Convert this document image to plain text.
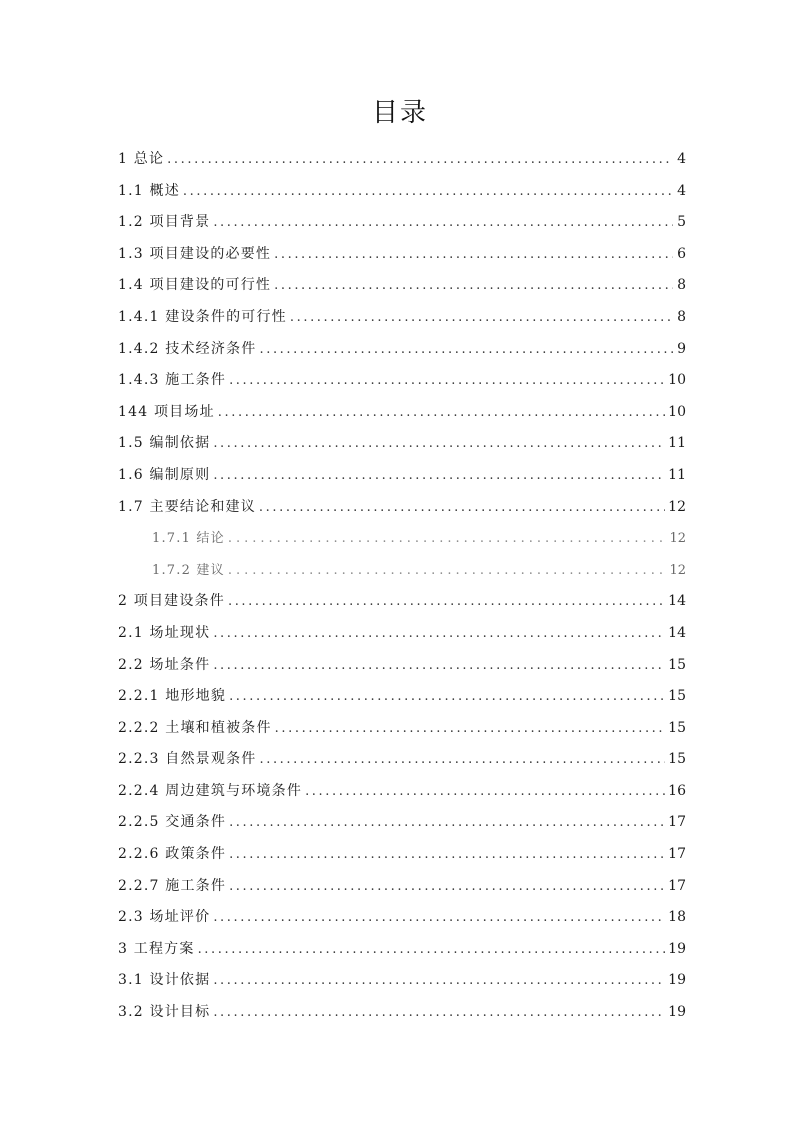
目录
1 总论 .....	4
1.1 概述 .....	4
1.2 项目背景 .....	5
1.3 项目建设的必要性 .....	6
1.4 项目建设的可行性 .....	8
1.4.1 建设条件的可行性 .....	8
1.4.2 技术经济条件 .....	9
1.4.3 施工条件 .....	10
144 项目场址 .....	10
1.5 编制依据 .....	11
1.6 编制原则 .....	11
1.7 主要结论和建议 .....	12
1.7.1 结论 .....	12
1.7.2 建议 .....	12
2 项目建设条件 .....	14
2.1 场址现状 .....	14
2.2 场址条件 .....	15
2.2.1 地形地貌 .....	15
2.2.2 土壤和植被条件 .....	15
2.2.3 自然景观条件 .....	15
2.2.4 周边建筑与环境条件 .....	16
2.2.5 交通条件 .....	17
2.2.6 政策条件 .....	17
2.2.7 施工条件 .....	17
2.3 场址评价 .....	18
3 工程方案 .....	19
3.1 设计依据 .....	19
3.2 设计目标 .....	19
